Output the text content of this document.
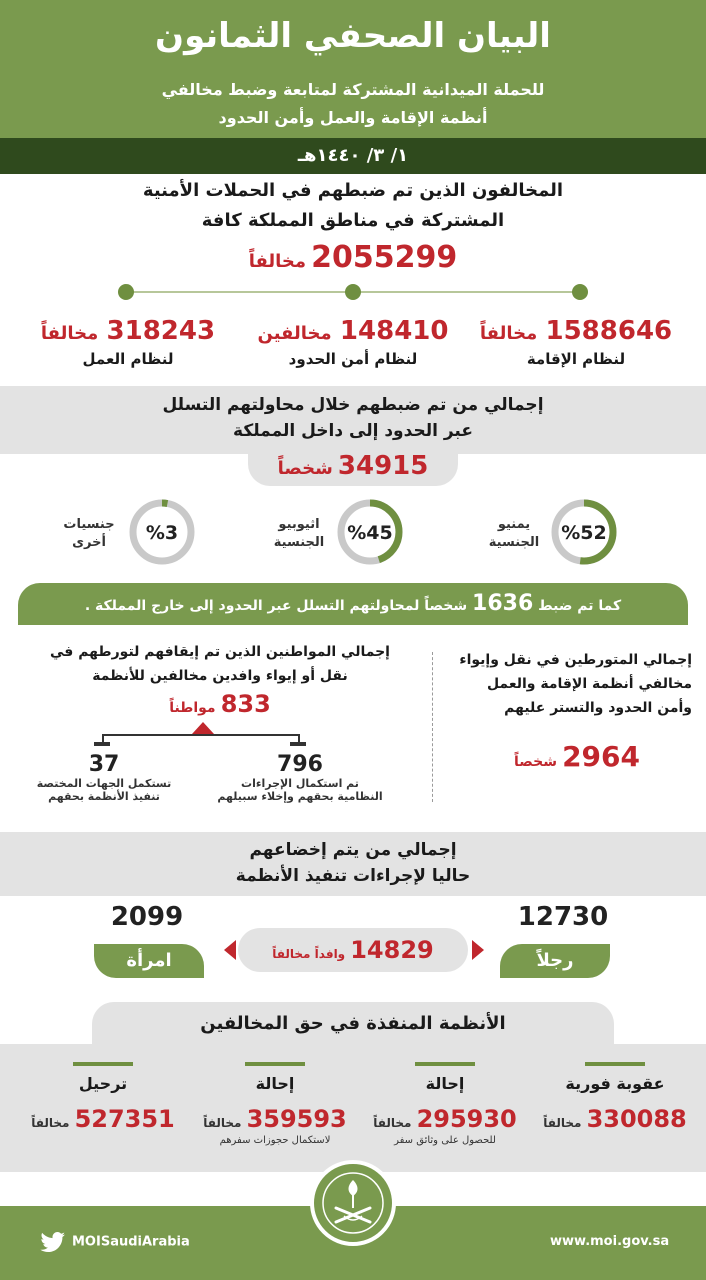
البيان الصحفي الثمانون
للحملة الميدانية المشتركة لمتابعة وضبط مخالفي
أنظمة الإقامة والعمل وأمن الحدود
١/ ٣/ ١٤٤٠هـ
المخالفون الذين تم ضبطهم في الحملات الأمنية
المشتركة في مناطق المملكة كافة
2055299 مخالفاً
1588646 مخالفاً
لنظام الإقامة
148410 مخالفين
لنظام أمن الحدود
318243 مخالفاً
لنظام العمل
إجمالي من تم ضبطهم خلال محاولتهم التسلل
عبر الحدود إلى داخل المملكة
34915 شخصاً
%52
يمنيو
الجنسية
%45
اثيوبيو
الجنسية
%3
جنسيات
أخرى
كما تم ضبط 1636 شخصاً لمحاولتهم التسلل عبر الحدود إلى خارج المملكة .
إجمالي المتورطين في نقل وإيواء
مخالفي أنظمة الإقامة والعمل
وأمن الحدود والتستر عليهم
2964 شخصاً
إجمالي المواطنين الذين تم إيقافهم لتورطهم في
نقل أو إيواء وافدين مخالفين للأنظمة
833 مواطناً
796
تم استكمال الإجراءات
النظامية بحقهم وإخلاء سبيلهم
37
تستكمل الجهات المختصة
تنفيذ الأنظمة بحقهم
إجمالي من يتم إخضاعهم
حاليا لإجراءات تنفيذ الأنظمة
12730
رجلاً
2099
امرأة	14829 وافداً مخالفاً
الأنظمة المنفذة في حق المخالفين
عقوبة فورية
330088 مخالفاً
إحالة
295930 مخالفاً
للحصول على وثائق سفر
إحالة
359593 مخالفاً
لاستكمال حجوزات سفرهم
ترحيل
527351 مخالفاً
MOISaudiArabia	www.moi.gov.sa
